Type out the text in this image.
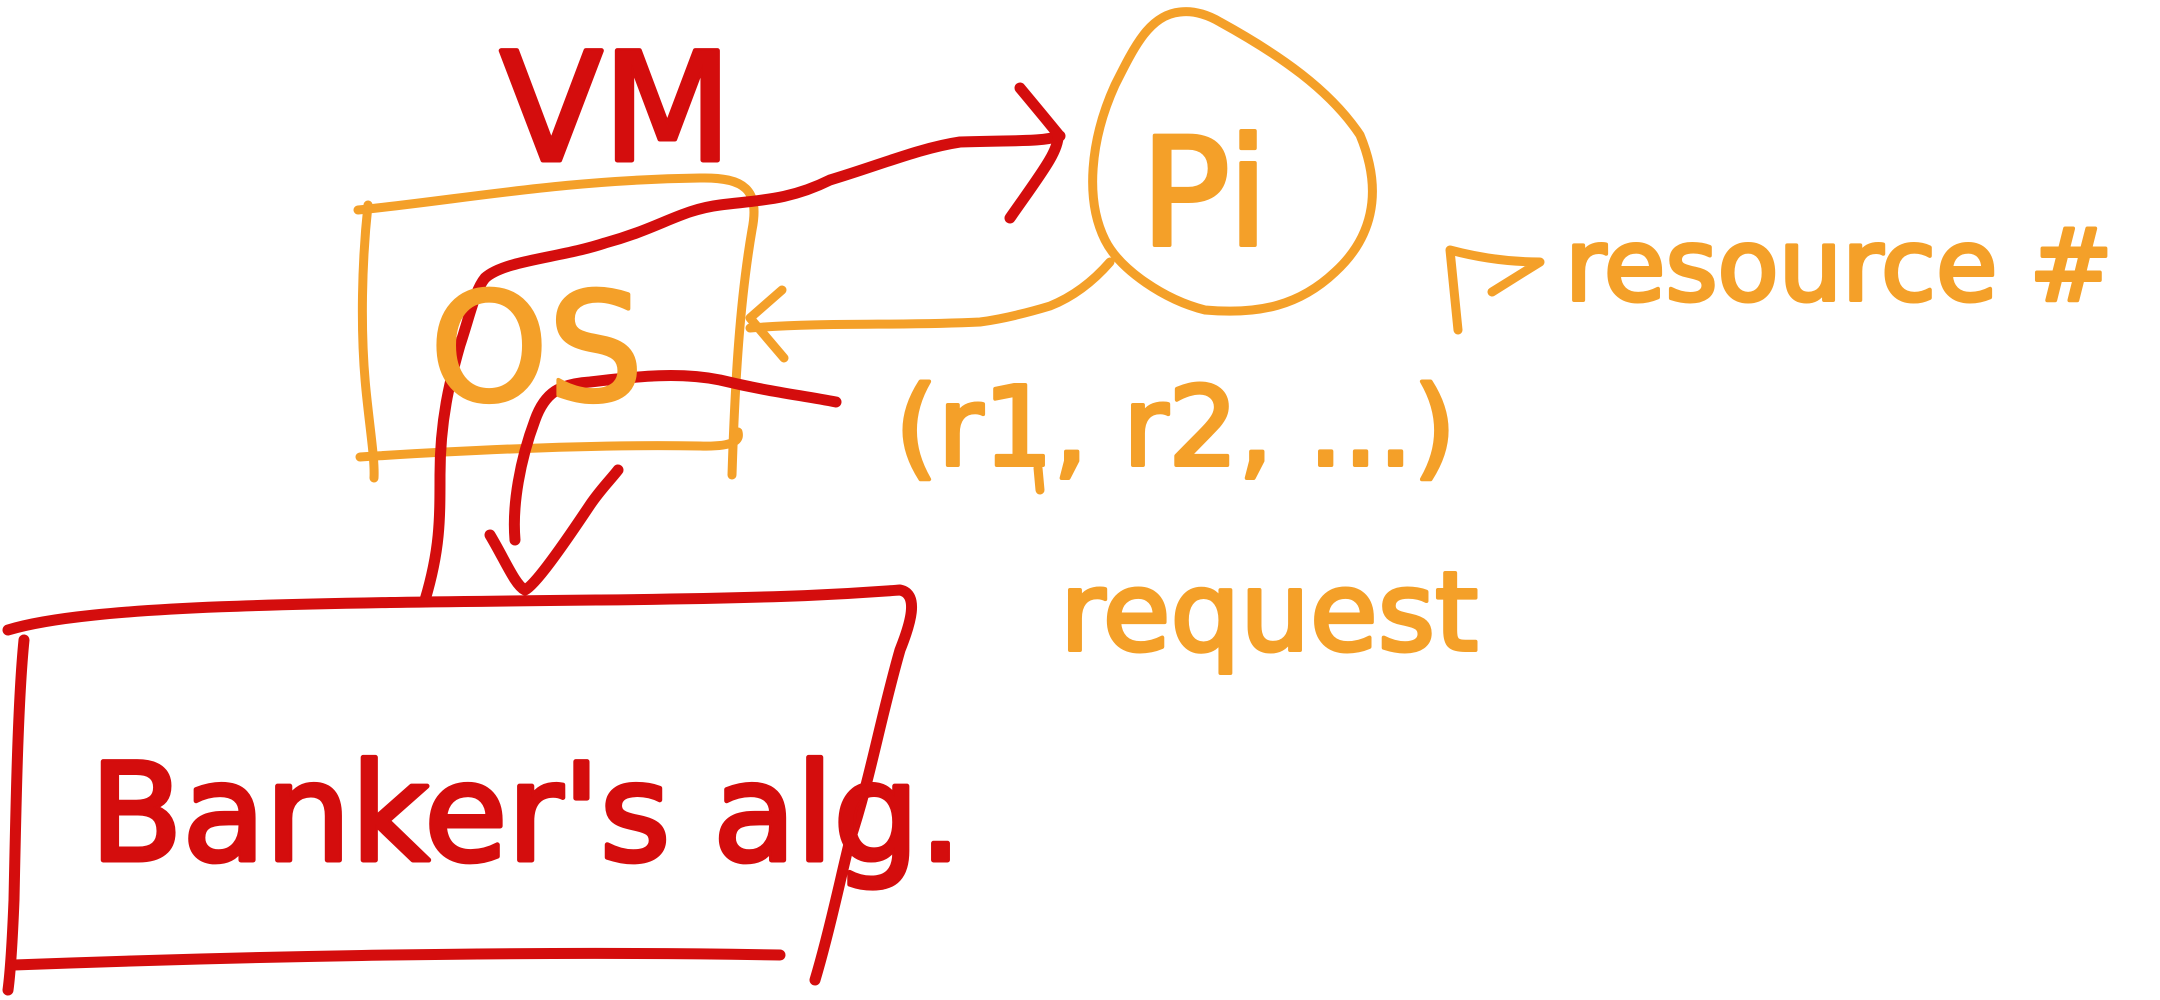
VM
OS
Pi	resource #
(r1, r2, ...)
request
Banker's alg.
